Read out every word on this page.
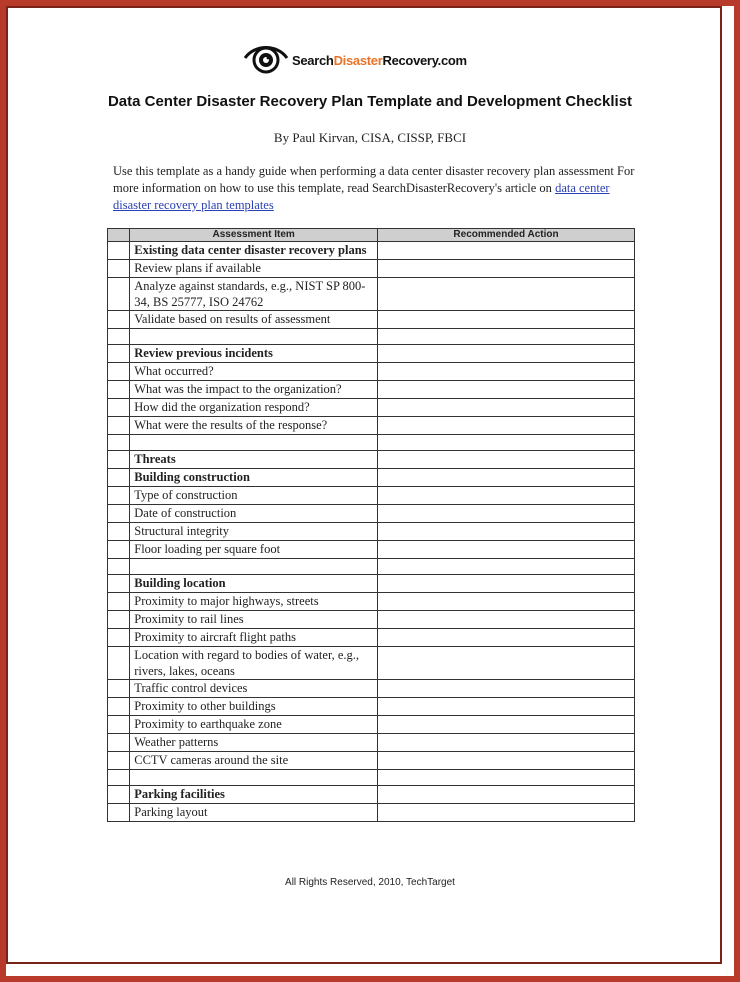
SearchDisasterRecovery.com
Data Center Disaster Recovery Plan Template and Development Checklist
By Paul Kirvan, CISA, CISSP, FBCI
Use this template as a handy guide when performing a data center disaster recovery plan assessment For more information on how to use this template, read SearchDisasterRecovery's article on data center disaster recovery plan templates
	Assessment Item	Recommended Action
	Existing data center disaster recovery plans	
	Review plans if available	
	Analyze against standards, e.g., NIST SP 800-34, BS 25777, ISO 24762	
	Validate based on results of assessment	

	Review previous incidents	
	What occurred?	
	What was the impact to the organization?	
	How did the organization respond?	
	What were the results of the response?	

	Threats	
	Building construction	
	Type of construction	
	Date of construction	
	Structural integrity	
	Floor loading per square foot	

	Building location	
	Proximity to major highways, streets	
	Proximity to rail lines	
	Proximity to aircraft flight paths	
	Location with regard to bodies of water, e.g., rivers, lakes, oceans	
	Traffic control devices	
	Proximity to other buildings	
	Proximity to earthquake zone	
	Weather patterns	
	CCTV cameras around the site	

	Parking facilities	
	Parking layout	
All Rights Reserved, 2010, TechTarget
